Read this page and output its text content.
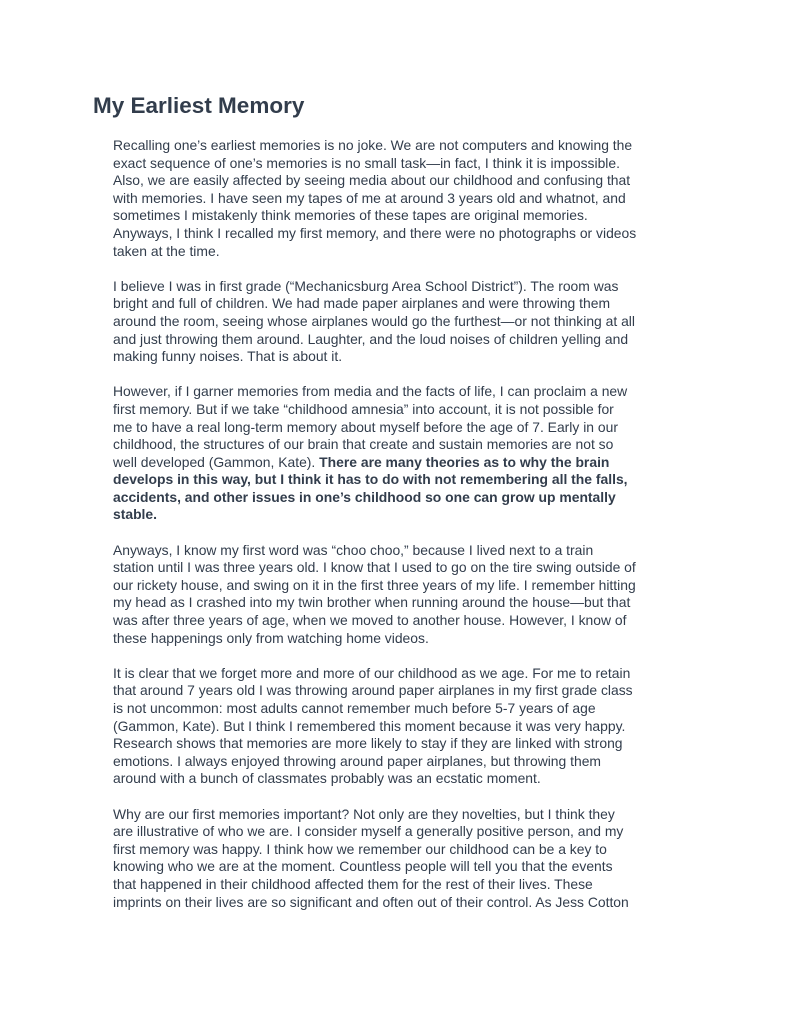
My Earliest Memory

Recalling one’s earliest memories is no joke. We are not computers and knowing the
exact sequence of one’s memories is no small task—in fact, I think it is impossible.
Also, we are easily affected by seeing media about our childhood and confusing that
with memories. I have seen my tapes of me at around 3 years old and whatnot, and
sometimes I mistakenly think memories of these tapes are original memories.
Anyways, I think I recalled my first memory, and there were no photographs or videos
taken at the time.

I believe I was in first grade (“Mechanicsburg Area School District”). The room was
bright and full of children. We had made paper airplanes and were throwing them
around the room, seeing whose airplanes would go the furthest—or not thinking at all
and just throwing them around. Laughter, and the loud noises of children yelling and
making funny noises. That is about it.

However, if I garner memories from media and the facts of life, I can proclaim a new
first memory. But if we take “childhood amnesia” into account, it is not possible for
me to have a real long-term memory about myself before the age of 7. Early in our
childhood, the structures of our brain that create and sustain memories are not so
well developed (Gammon, Kate). There are many theories as to why the brain
develops in this way, but I think it has to do with not remembering all the falls,
accidents, and other issues in one’s childhood so one can grow up mentally
stable.

Anyways, I know my first word was “choo choo,” because I lived next to a train
station until I was three years old. I know that I used to go on the tire swing outside of
our rickety house, and swing on it in the first three years of my life. I remember hitting
my head as I crashed into my twin brother when running around the house—but that
was after three years of age, when we moved to another house. However, I know of
these happenings only from watching home videos.

It is clear that we forget more and more of our childhood as we age. For me to retain
that around 7 years old I was throwing around paper airplanes in my first grade class
is not uncommon: most adults cannot remember much before 5-7 years of age
(Gammon, Kate). But I think I remembered this moment because it was very happy.
Research shows that memories are more likely to stay if they are linked with strong
emotions. I always enjoyed throwing around paper airplanes, but throwing them
around with a bunch of classmates probably was an ecstatic moment.

Why are our first memories important? Not only are they novelties, but I think they
are illustrative of who we are. I consider myself a generally positive person, and my
first memory was happy. I think how we remember our childhood can be a key to
knowing who we are at the moment. Countless people will tell you that the events
that happened in their childhood affected them for the rest of their lives. These
imprints on their lives are so significant and often out of their control. As Jess Cotton
